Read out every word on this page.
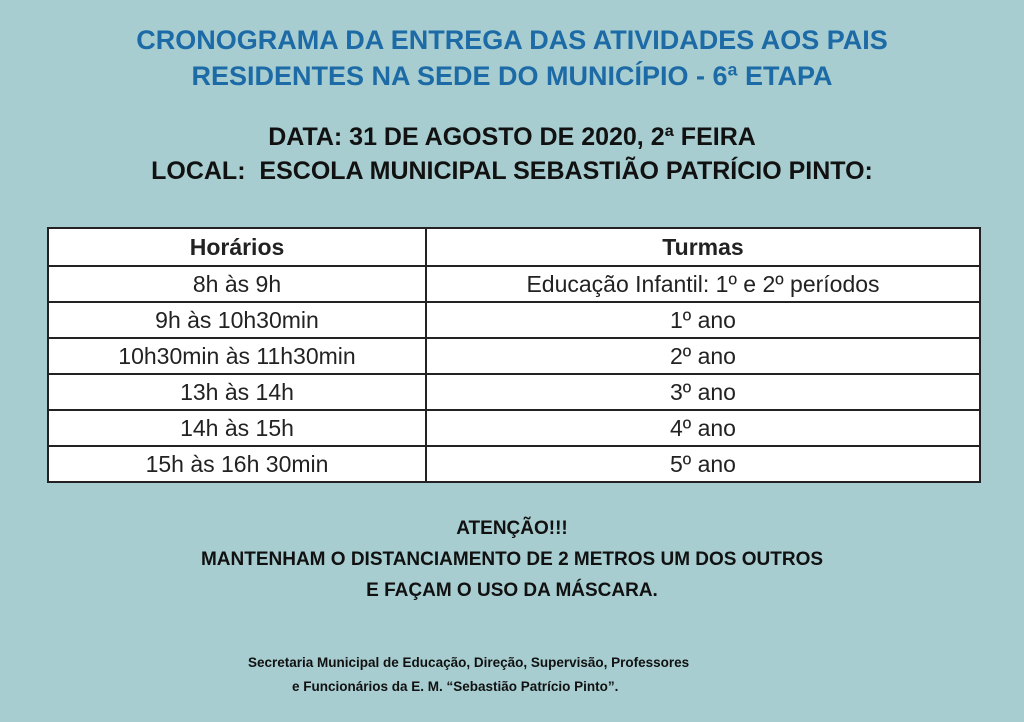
CRONOGRAMA DA ENTREGA DAS ATIVIDADES AOS PAIS
RESIDENTES NA SEDE DO MUNICÍPIO - 6ª ETAPA
DATA: 31 DE AGOSTO DE 2020, 2ª FEIRA
LOCAL:  ESCOLA MUNICIPAL SEBASTIÃO PATRÍCIO PINTO:
Horários	Turmas
8h às 9h	Educação Infantil: 1º e 2º períodos
9h às 10h30min	1º ano
10h30min às 11h30min	2º ano
13h às 14h	3º ano
14h às 15h	4º ano
15h às 16h 30min	5º ano
ATENÇÃO!!!
MANTENHAM O DISTANCIAMENTO DE 2 METROS UM DOS OUTROS
E FAÇAM O USO DA MÁSCARA.
Secretaria Municipal de Educação, Direção, Supervisão, Professores
e Funcionários da E. M. “Sebastião Patrício Pinto”.
